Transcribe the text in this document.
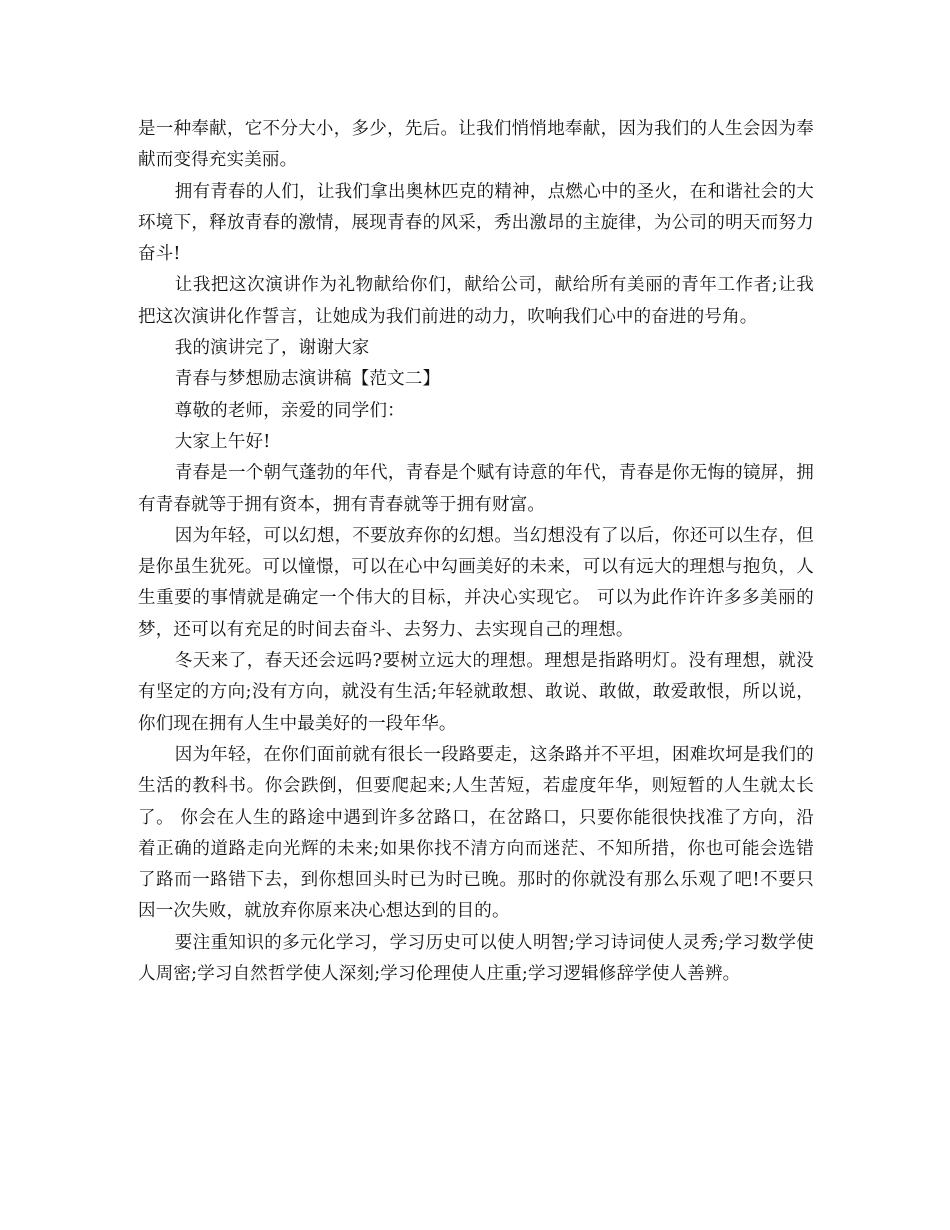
是一种奉献，它不分大小，多少，先后。让我们悄悄地奉献，因为我们的人生会因为奉献而变得充实美丽。

拥有青春的人们，让我们拿出奥林匹克的精神，点燃心中的圣火，在和谐社会的大环境下，释放青春的激情，展现青春的风采，秀出激昂的主旋律，为公司的明天而努力奋斗!

让我把这次演讲作为礼物献给你们，献给公司，献给所有美丽的青年工作者;让我把这次演讲化作誓言，让她成为我们前进的动力，吹响我们心中的奋进的号角。

我的演讲完了，谢谢大家

青春与梦想励志演讲稿【范文二】

尊敬的老师，亲爱的同学们：

大家上午好!

青春是一个朝气蓬勃的年代，青春是个赋有诗意的年代，青春是你无悔的镜屏，拥有青春就等于拥有资本，拥有青春就等于拥有财富。

因为年轻，可以幻想，不要放弃你的幻想。当幻想没有了以后，你还可以生存，但是你虽生犹死。可以憧憬，可以在心中勾画美好的未来，可以有远大的理想与抱负，人生重要的事情就是确定一个伟大的目标，并决心实现它。 可以为此作许许多多美丽的梦，还可以有充足的时间去奋斗、去努力、去实现自己的理想。

冬天来了，春天还会远吗?要树立远大的理想。理想是指路明灯。没有理想，就没有坚定的方向;没有方向，就没有生活;年轻就敢想、敢说、敢做，敢爱敢恨，所以说，你们现在拥有人生中最美好的一段年华。

因为年轻，在你们面前就有很长一段路要走，这条路并不平坦，困难坎坷是我们的生活的教科书。你会跌倒，但要爬起来;人生苦短，若虚度年华，则短暂的人生就太长了。 你会在人生的路途中遇到许多岔路口，在岔路口，只要你能很快找准了方向，沿着正确的道路走向光辉的未来;如果你找不清方向而迷茫、不知所措，你也可能会选错了路而一路错下去，到你想回头时已为时已晚。那时的你就没有那么乐观了吧!不要只因一次失败，就放弃你原来决心想达到的目的。

要注重知识的多元化学习，学习历史可以使人明智;学习诗词使人灵秀;学习数学使人周密;学习自然哲学使人深刻;学习伦理使人庄重;学习逻辑修辞学使人善辨。
